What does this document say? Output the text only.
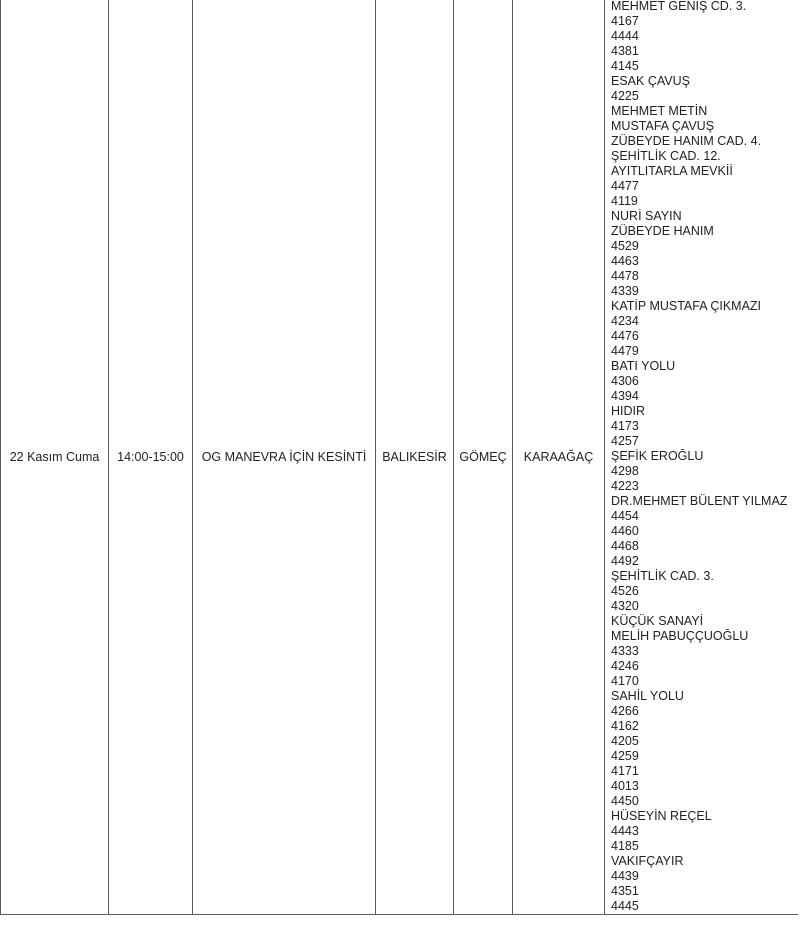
22 Kasım Cuma	14:00-15:00	OG MANEVRA İÇİN KESİNTİ	BALIKESİR	GÖMEÇ	KARAAĞAÇ	
MEHMET GENİŞ CD. 3.
4167
4444
4381
4145
ESAK ÇAVUŞ
4225
MEHMET METİN
MUSTAFA ÇAVUŞ
ZÜBEYDE HANIM CAD. 4.
ŞEHİTLİK CAD. 12.
AYITLITARLA MEVKİİ
4477
4119
NURİ SAYIN
ZÜBEYDE HANIM
4529
4463
4478
4339
KATİP MUSTAFA ÇIKMAZI
4234
4476
4479
BATI YOLU
4306
4394
HIDIR
4173
4257
ŞEFİK EROĞLU
4298
4223
DR.MEHMET BÜLENT YILMAZ
4454
4460
4468
4492
ŞEHİTLİK CAD. 3.
4526
4320
KÜÇÜK SANAYİ
MELİH PABUÇÇUOĞLU
4333
4246
4170
SAHİL YOLU
4266
4162
4205
4259
4171
4013
4450
HÜSEYİN REÇEL
4443
4185
VAKIFÇAYIR
4439
4351
4445
